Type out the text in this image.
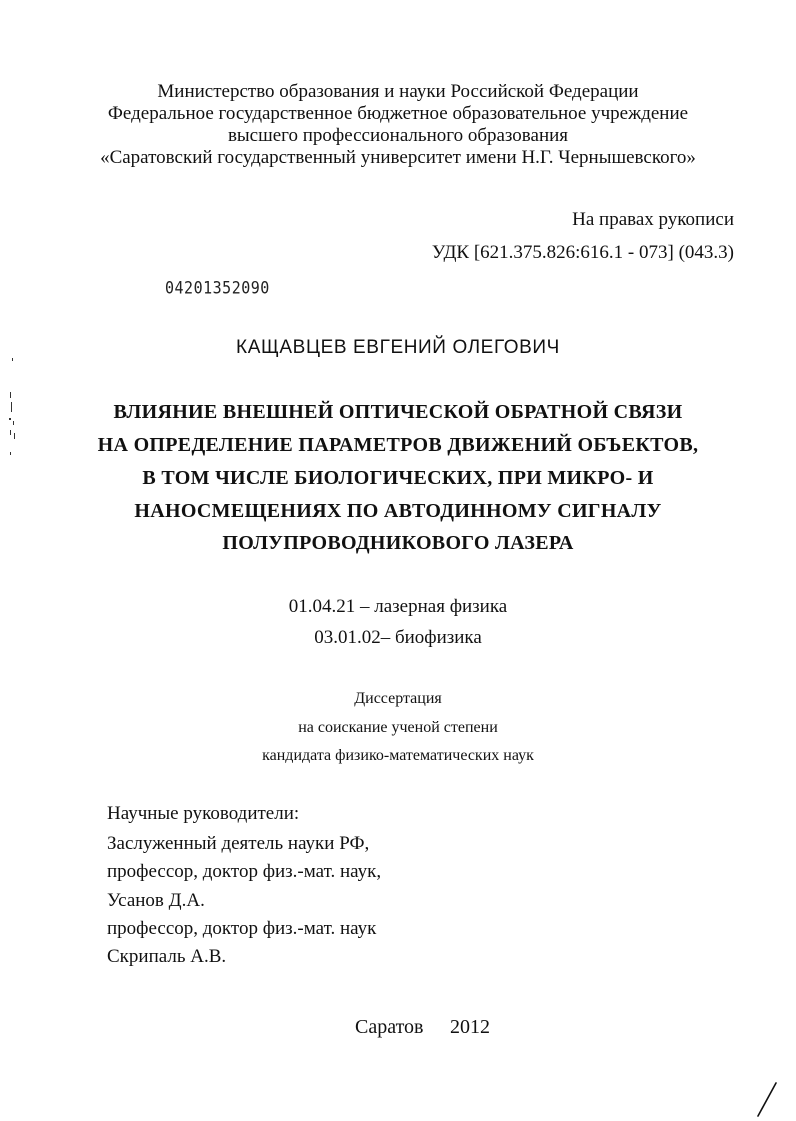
Министерство образования и науки Российской Федерации
Федеральное государственное бюджетное образовательное учреждение
высшего профессионального образования
«Саратовский государственный университет имени Н.Г. Чернышевского»
На правах рукописи
УДК [621.375.826:616.1 - 073] (043.3)
04201352090
КАЩАВЦЕВ ЕВГЕНИЙ ОЛЕГОВИЧ
ВЛИЯНИЕ ВНЕШНЕЙ ОПТИЧЕСКОЙ ОБРАТНОЙ СВЯЗИ
НА ОПРЕДЕЛЕНИЕ ПАРАМЕТРОВ ДВИЖЕНИЙ ОБЪЕКТОВ,
В ТОМ ЧИСЛЕ БИОЛОГИЧЕСКИХ, ПРИ МИКРО- И
НАНОСМЕЩЕНИЯХ ПО АВТОДИННОМУ СИГНАЛУ
ПОЛУПРОВОДНИКОВОГО ЛАЗЕРА
01.04.21 – лазерная физика
03.01.02– биофизика
Диссертация
на соискание ученой степени
кандидата физико-математических наук
Научные руководители:
Заслуженный деятель науки РФ,
профессор, доктор физ.-мат. наук,
Усанов Д.А.
профессор, доктор физ.-мат. наук
Скрипаль А.В.
Саратов 2012
